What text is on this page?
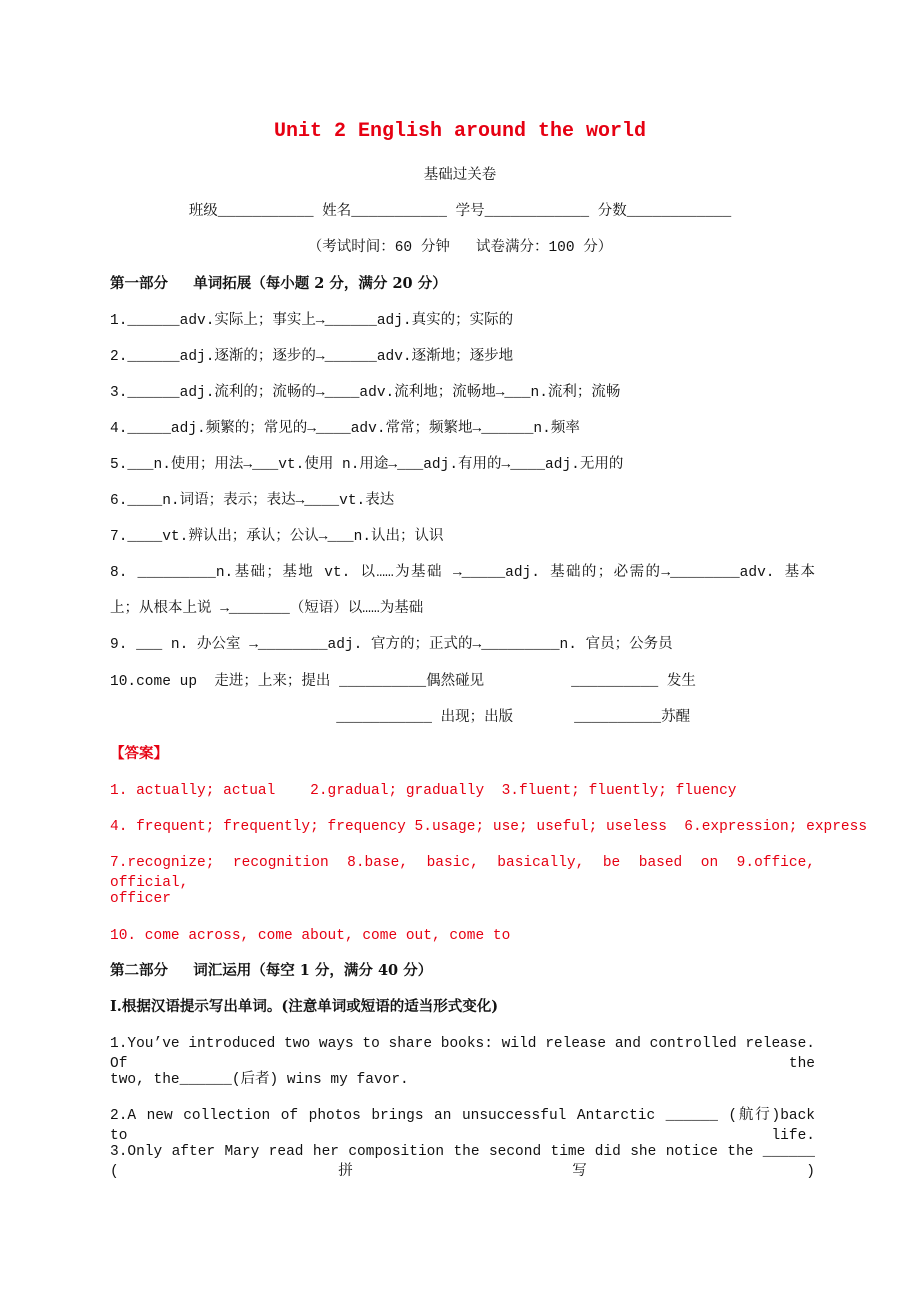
Unit 2 English around the world
基础过关卷
班级___________ 姓名___________ 学号____________ 分数____________
（考试时间：60 分钟   试卷满分：100 分）
第一部分     单词拓展（每小题 2 分，满分 20 分）
1.______adv.实际上；事实上→______adj.真实的；实际的
2.______adj.逐渐的；逐步的→______adv.逐渐地；逐步地
3.______adj.流利的；流畅的→____adv.流利地；流畅地→___n.流利；流畅
4._____adj.频繁的；常见的→____adv.常常；频繁地→______n.频率
5.___n.使用；用法→___vt.使用 n.用途→___adj.有用的→____adj.无用的
6.____n.词语；表示；表达→____vt.表达
7.____vt.辨认出；承认；公认→___n.认出；认识
8. _________n.基础；基地 vt. 以……为基础 →_____adj. 基础的；必需的→________adv. 基本
上；从根本上说 →_______（短语）以……为基础
9. ___ n. 办公室 →________adj. 官方的；正式的→_________n. 官员；公务员
10.come up  走进；上来；提出 __________偶然碰见          __________ 发生
___________ 出现；出版       __________苏醒
【答案】
1. actually; actual    2.gradual; gradually  3.fluent; fluently; fluency
4. frequent; frequently; frequency 5.usage; use; useful; useless  6.expression; express
7.recognize; recognition 8.base, basic, basically, be based on 9.office, official,
officer
10. come across, come about, come out, come to
第二部分     词汇运用（每空 1 分，满分 40 分）
Ⅰ.根据汉语提示写出单词。(注意单词或短语的适当形式变化)
1.You’ve introduced two ways to share books: wild release and controlled release. Of the
two, the______(后者) wins my favor.
2.A new collection of photos brings an unsuccessful Antarctic ______ (航行)back to life.
3.Only after Mary read her composition the second time did she notice the ______ (拼写)
